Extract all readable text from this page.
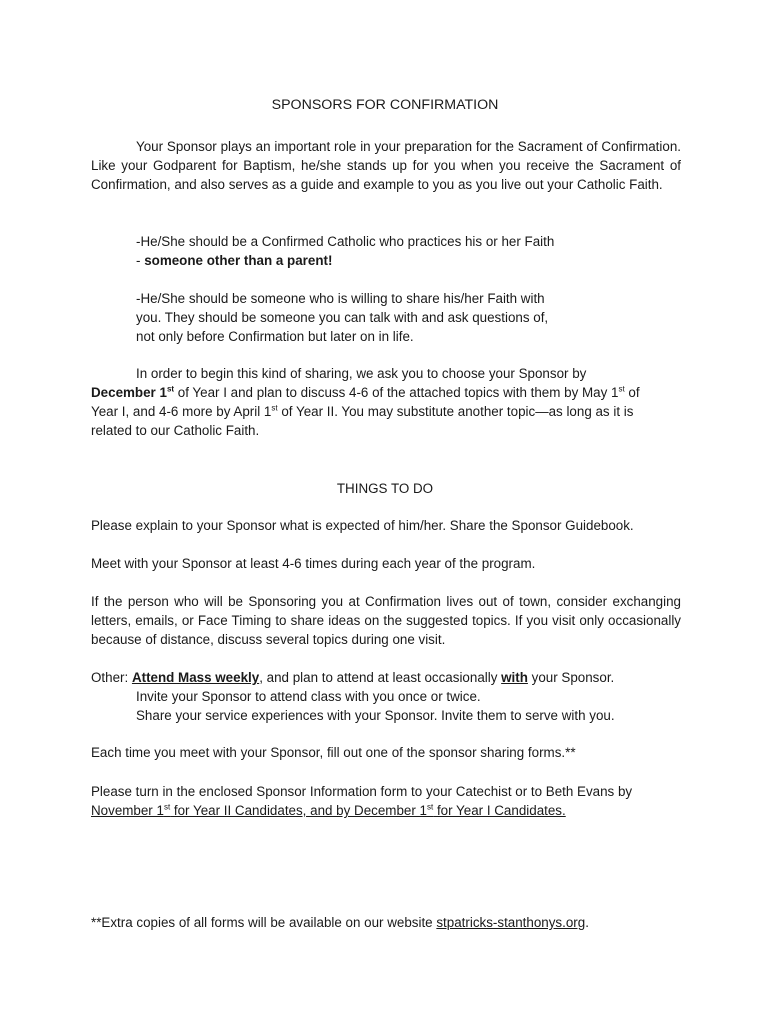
SPONSORS FOR CONFIRMATION

Your Sponsor plays an important role in your preparation for the Sacrament of Confirmation. Like your Godparent for Baptism, he/she stands up for you when you receive the Sacrament of Confirmation, and also serves as a guide and example to you as you live out your Catholic Faith.

-He/She should be a Confirmed Catholic who practices his or her Faith
- someone other than a parent!
-He/She should be someone who is willing to share his/her Faith with
you. They should be someone you can talk with and ask questions of,
not only before Confirmation but later on in life.
In order to begin this kind of sharing, we ask you to choose your Sponsor by
December 1st of Year I and plan to discuss 4-6 of the attached topics with them by May 1st of
Year I, and 4-6 more by April 1st of Year II. You may substitute another topic—as long as it is
related to our Catholic Faith.
THINGS TO DO

Please explain to your Sponsor what is expected of him/her. Share the Sponsor Guidebook.

Meet with your Sponsor at least 4-6 times during each year of the program.

If the person who will be Sponsoring you at Confirmation lives out of town, consider exchanging letters, emails, or Face Timing to share ideas on the suggested topics. If you visit only occasionally because of distance, discuss several topics during one visit.

Other: Attend Mass weekly, and plan to attend at least occasionally with your Sponsor.
Invite your Sponsor to attend class with you once or twice.
Share your service experiences with your Sponsor. Invite them to serve with you.

Each time you meet with your Sponsor, fill out one of the sponsor sharing forms.**

Please turn in the enclosed Sponsor Information form to your Catechist or to Beth Evans by
November 1st for Year II Candidates, and by December 1st for Year I Candidates.
**Extra copies of all forms will be available on our website stpatricks-stanthonys.org.
